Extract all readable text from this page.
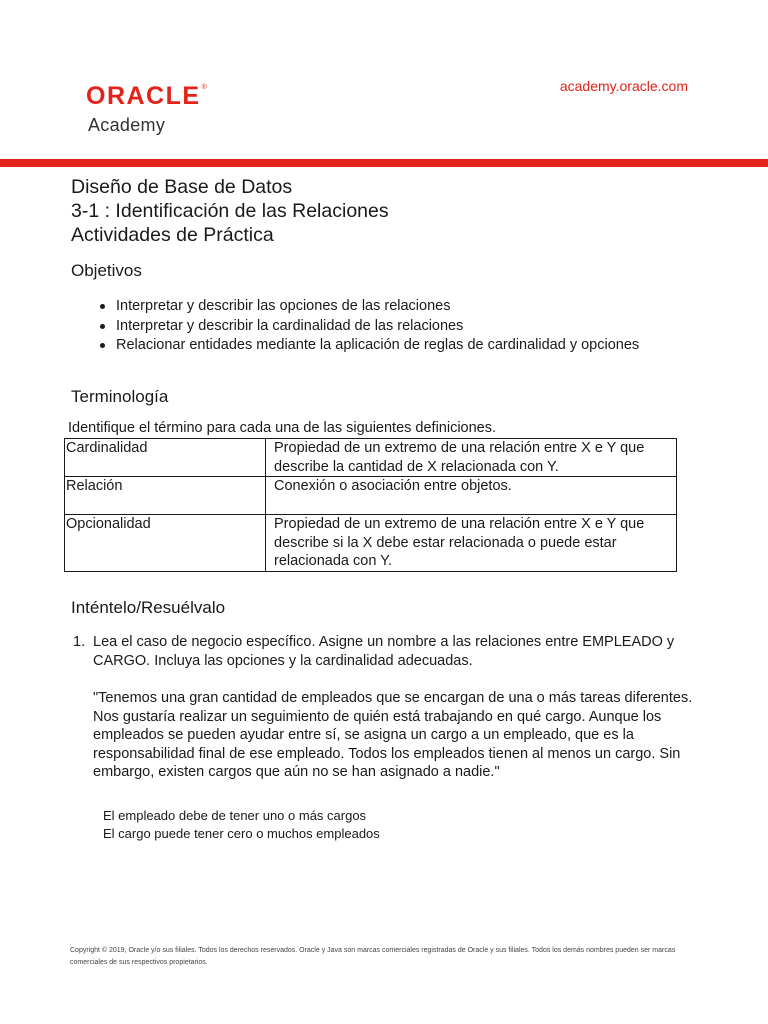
ORACLE®
Academy
academy.oracle.com
Diseño de Base de Datos
3-1 : Identificación de las Relaciones
Actividades de Práctica
Objetivos
Interpretar y describir las opciones de las relaciones
Interpretar y describir la cardinalidad de las relaciones
Relacionar entidades mediante la aplicación de reglas de cardinalidad y opciones
Terminología
Identifique el término para cada una de las siguientes definiciones.
Cardinalidad	Propiedad de un extremo de una relación entre X e Y que describe la cantidad de X relacionada con Y.
Relación	Conexión o asociación entre objetos.
Opcionalidad	Propiedad de un extremo de una relación entre X e Y que describe si la X debe estar relacionada o puede estar relacionada con Y.
Inténtelo/Resuélvalo
1. Lea el caso de negocio específico. Asigne un nombre a las relaciones entre EMPLEADO y CARGO. Incluya las opciones y la cardinalidad adecuadas.
"Tenemos una gran cantidad de empleados que se encargan de una o más tareas diferentes. Nos gustaría realizar un seguimiento de quién está trabajando en qué cargo. Aunque los empleados se pueden ayudar entre sí, se asigna un cargo a un empleado, que es la responsabilidad final de ese empleado. Todos los empleados tienen al menos un cargo. Sin embargo, existen cargos que aún no se han asignado a nadie."
El empleado debe de tener uno o más cargos
El cargo puede tener cero o muchos empleados
Copyright © 2019, Oracle y/o sus filiales. Todos los derechos reservados. Oracle y Java son marcas comerciales registradas de Oracle y sus filiales. Todos los demás nombres pueden ser marcas comerciales de sus respectivos propietarios.
